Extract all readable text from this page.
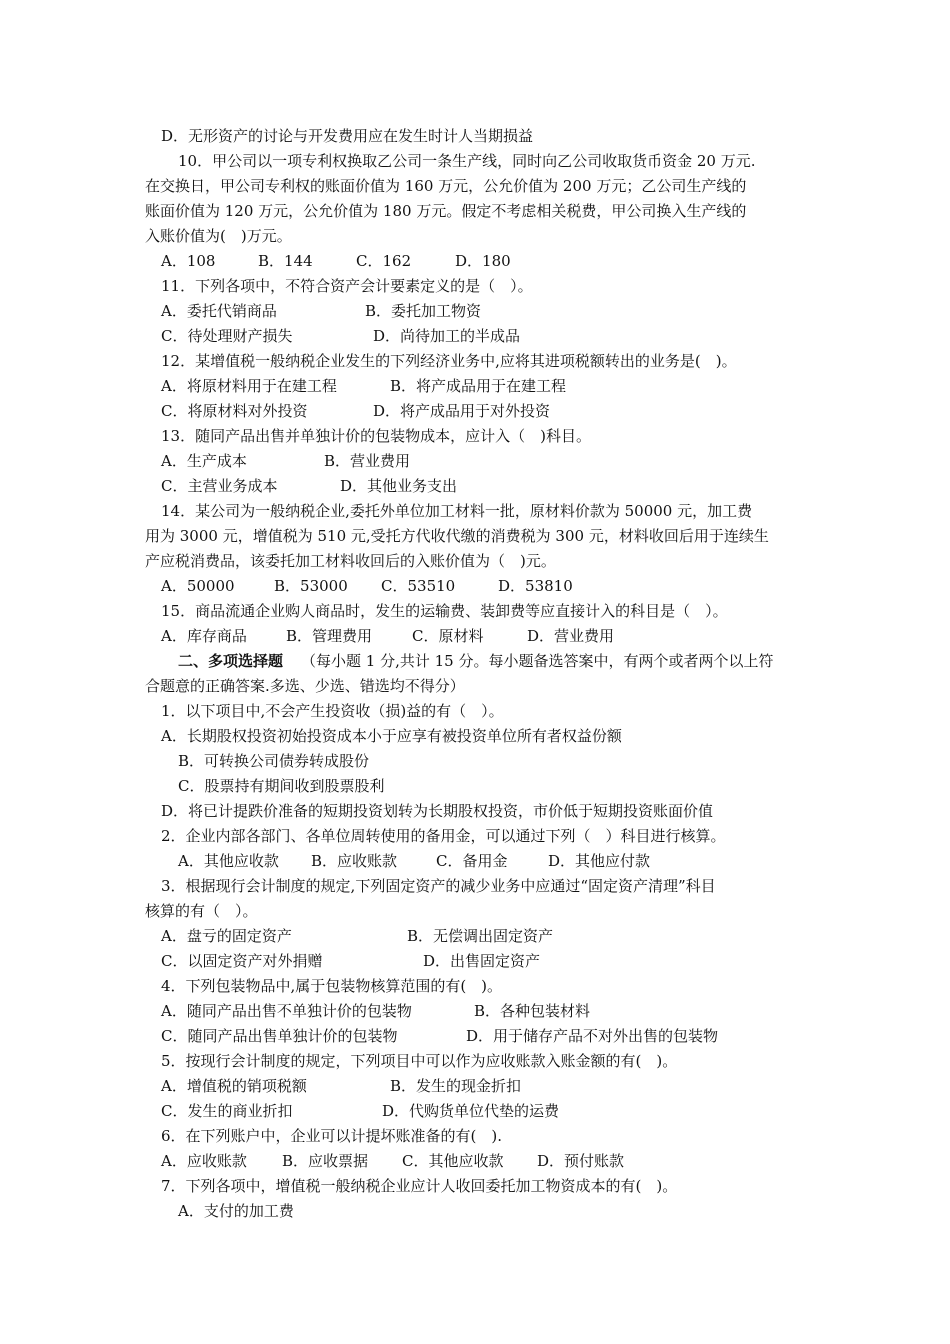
D．无形资产的讨论与开发费用应在发生时计人当期损益
10．甲公司以一项专利权换取乙公司一条生产线，同时向乙公司收取货币资金 20 万元.
在交换日，甲公司专利权的账面价值为 160 万元，公允价值为 200 万元；乙公司生产线的
账面价值为 120 万元，公允价值为 180 万元。假定不考虑相关税费，甲公司换入生产线的
入账价值为(　)万元。
A．108	B．144	C．162	D．180
11．下列各项中，不符合资产会计要素定义的是（　）。
A．委托代销商品	B．委托加工物资
C．待处理财产损失	D．尚待加工的半成品
12．某增值税一般纳税企业发生的下列经济业务中,应将其进项税额转出的业务是(　)。
A．将原材料用于在建工程	B．将产成品用于在建工程
C．将原材料对外投资	D．将产成品用于对外投资
13．随同产品出售并单独计价的包装物成本，应计入（　)科目。
A．生产成本	B．营业费用
C．主营业务成本	D．其他业务支出
14．某公司为一般纳税企业,委托外单位加工材料一批，原材料价款为 50000 元，加工费
用为 3000 元，增值税为 510 元,受托方代收代缴的消费税为 300 元，材料收回后用于连续生
产应税消费品，该委托加工材料收回后的入账价值为（　)元。
A．50000	B．53000 C．53510	D．53810
15．商品流通企业购人商品时，发生的运输费、装卸费等应直接计入的科目是（　）。
A．库存商品	B．管理费用	C．原材料	D．营业费用
二、多项选择题 （每小题 1 分,共计 15 分。每小题备选答案中，有两个或者两个以上符
合题意的正确答案.多选、少选、错选均不得分）
1．以下项目中,不会产生投资收（损)益的有（　）。
A．长期股权投资初始投资成本小于应享有被投资单位所有者权益份额
B．可转换公司债券转成股份
C．股票持有期间收到股票股利
D．将已计提跌价准备的短期投资划转为长期股权投资，市价低于短期投资账面价值
2．企业内部各部门、各单位周转使用的备用金，可以通过下列（　）科目进行核算。
A．其他应收款 B．应收账款	C．备用金	D．其他应付款
3．根据现行会计制度的规定,下列固定资产的减少业务中应通过“固定资产清理”科目
核算的有（　）。
A．盘亏的固定资产	B．无偿调出固定资产
C．以固定资产对外捐赠	D．出售固定资产
4．下列包装物品中,属于包装物核算范围的有(　)。
A．随同产品出售不单独计价的包装物	B．各种包装材料
C．随同产品出售单独计价的包装物	D．用于储存产品不对外出售的包装物
5．按现行会计制度的规定，下列项目中可以作为应收账款入账金额的有(　)。
A．增值税的销项税额	B．发生的现金折扣
C．发生的商业折扣	D．代购货单位代垫的运费
6．在下列账户中，企业可以计提坏账准备的有(　).
A．应收账款 B．应收票据 C．其他应收款 D．预付账款
7．下列各项中，增值税一般纳税企业应计人收回委托加工物资成本的有(　)。
A．支付的加工费
